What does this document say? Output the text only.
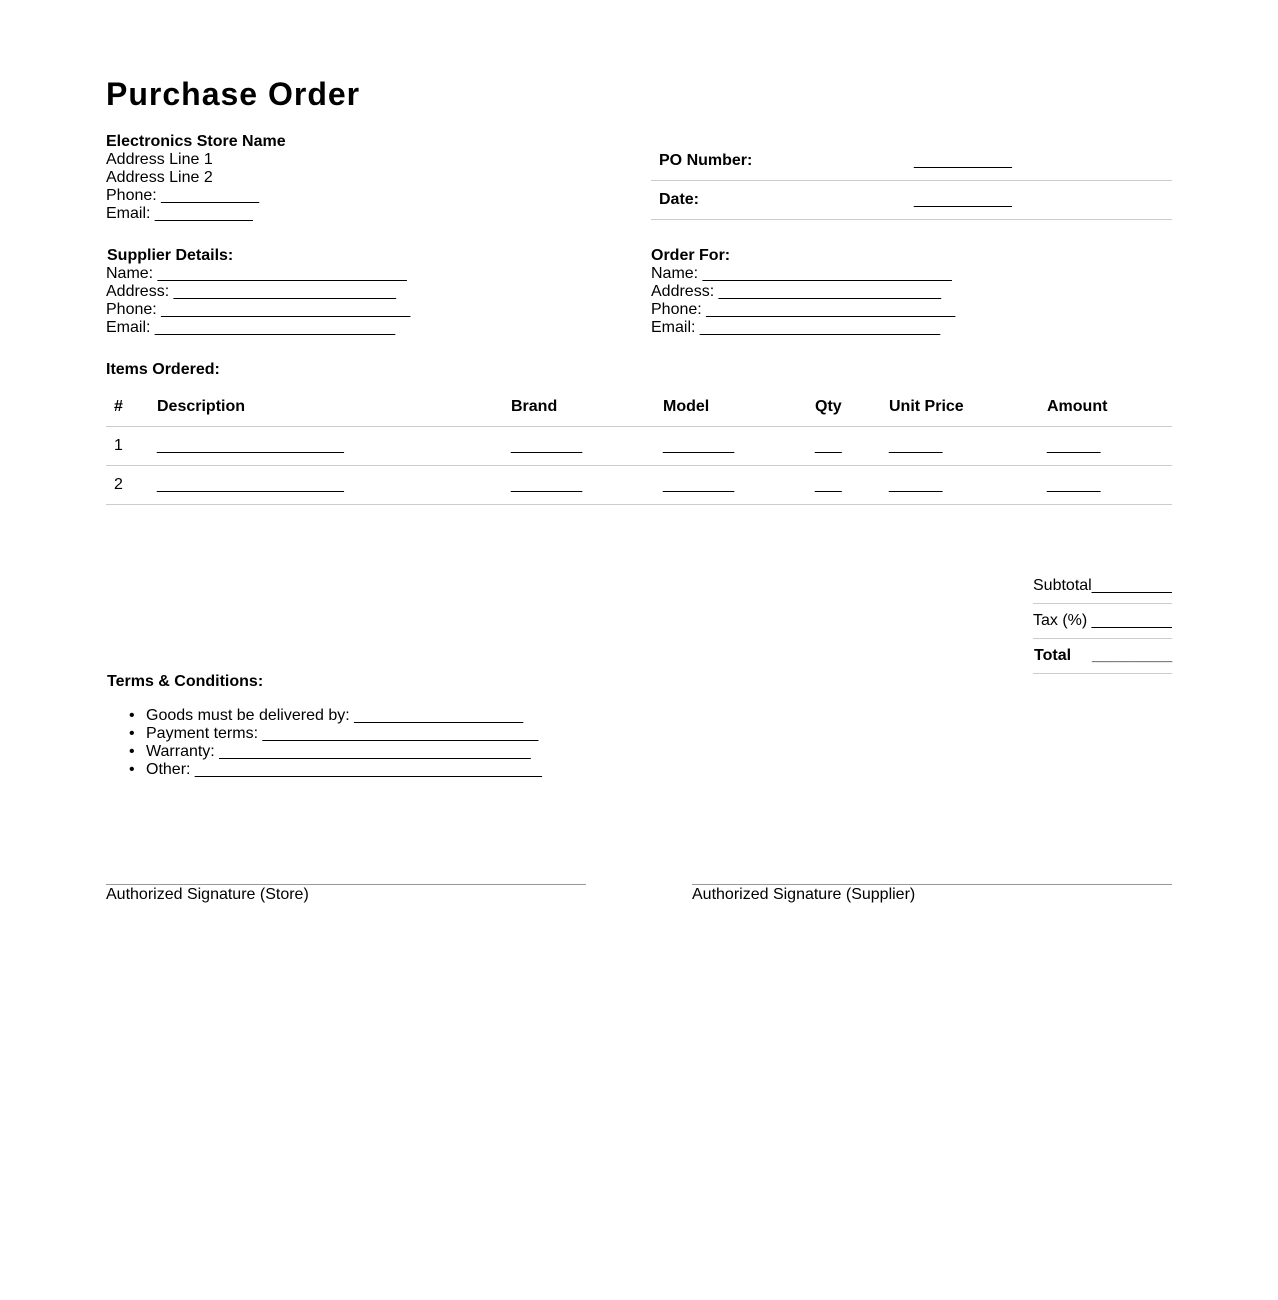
Purchase Order
Electronics Store Name
Address Line 1
Address Line 2
Phone: ___________
Email: ___________
PO Number:	___________
Date:	___________
Supplier Details:
Name: ____________________________
Address: _________________________
Phone: ____________________________
Email: ___________________________
Order For:
Name: ____________________________
Address: _________________________
Phone: ____________________________
Email: ___________________________
Items Ordered:
# Description	Brand	Model	Qty	Unit Price	Amount
1 _____________________	________	________	___	______	______
2 _____________________	________	________	___	______	______
Subtotal_________
Tax (%) _________
Total _________
Terms & Conditions:
• Goods must be delivered by: ___________________
• Payment terms: _______________________________
• Warranty: ___________________________________
• Other: _______________________________________
Authorized Signature (Store)	Authorized Signature (Supplier)
